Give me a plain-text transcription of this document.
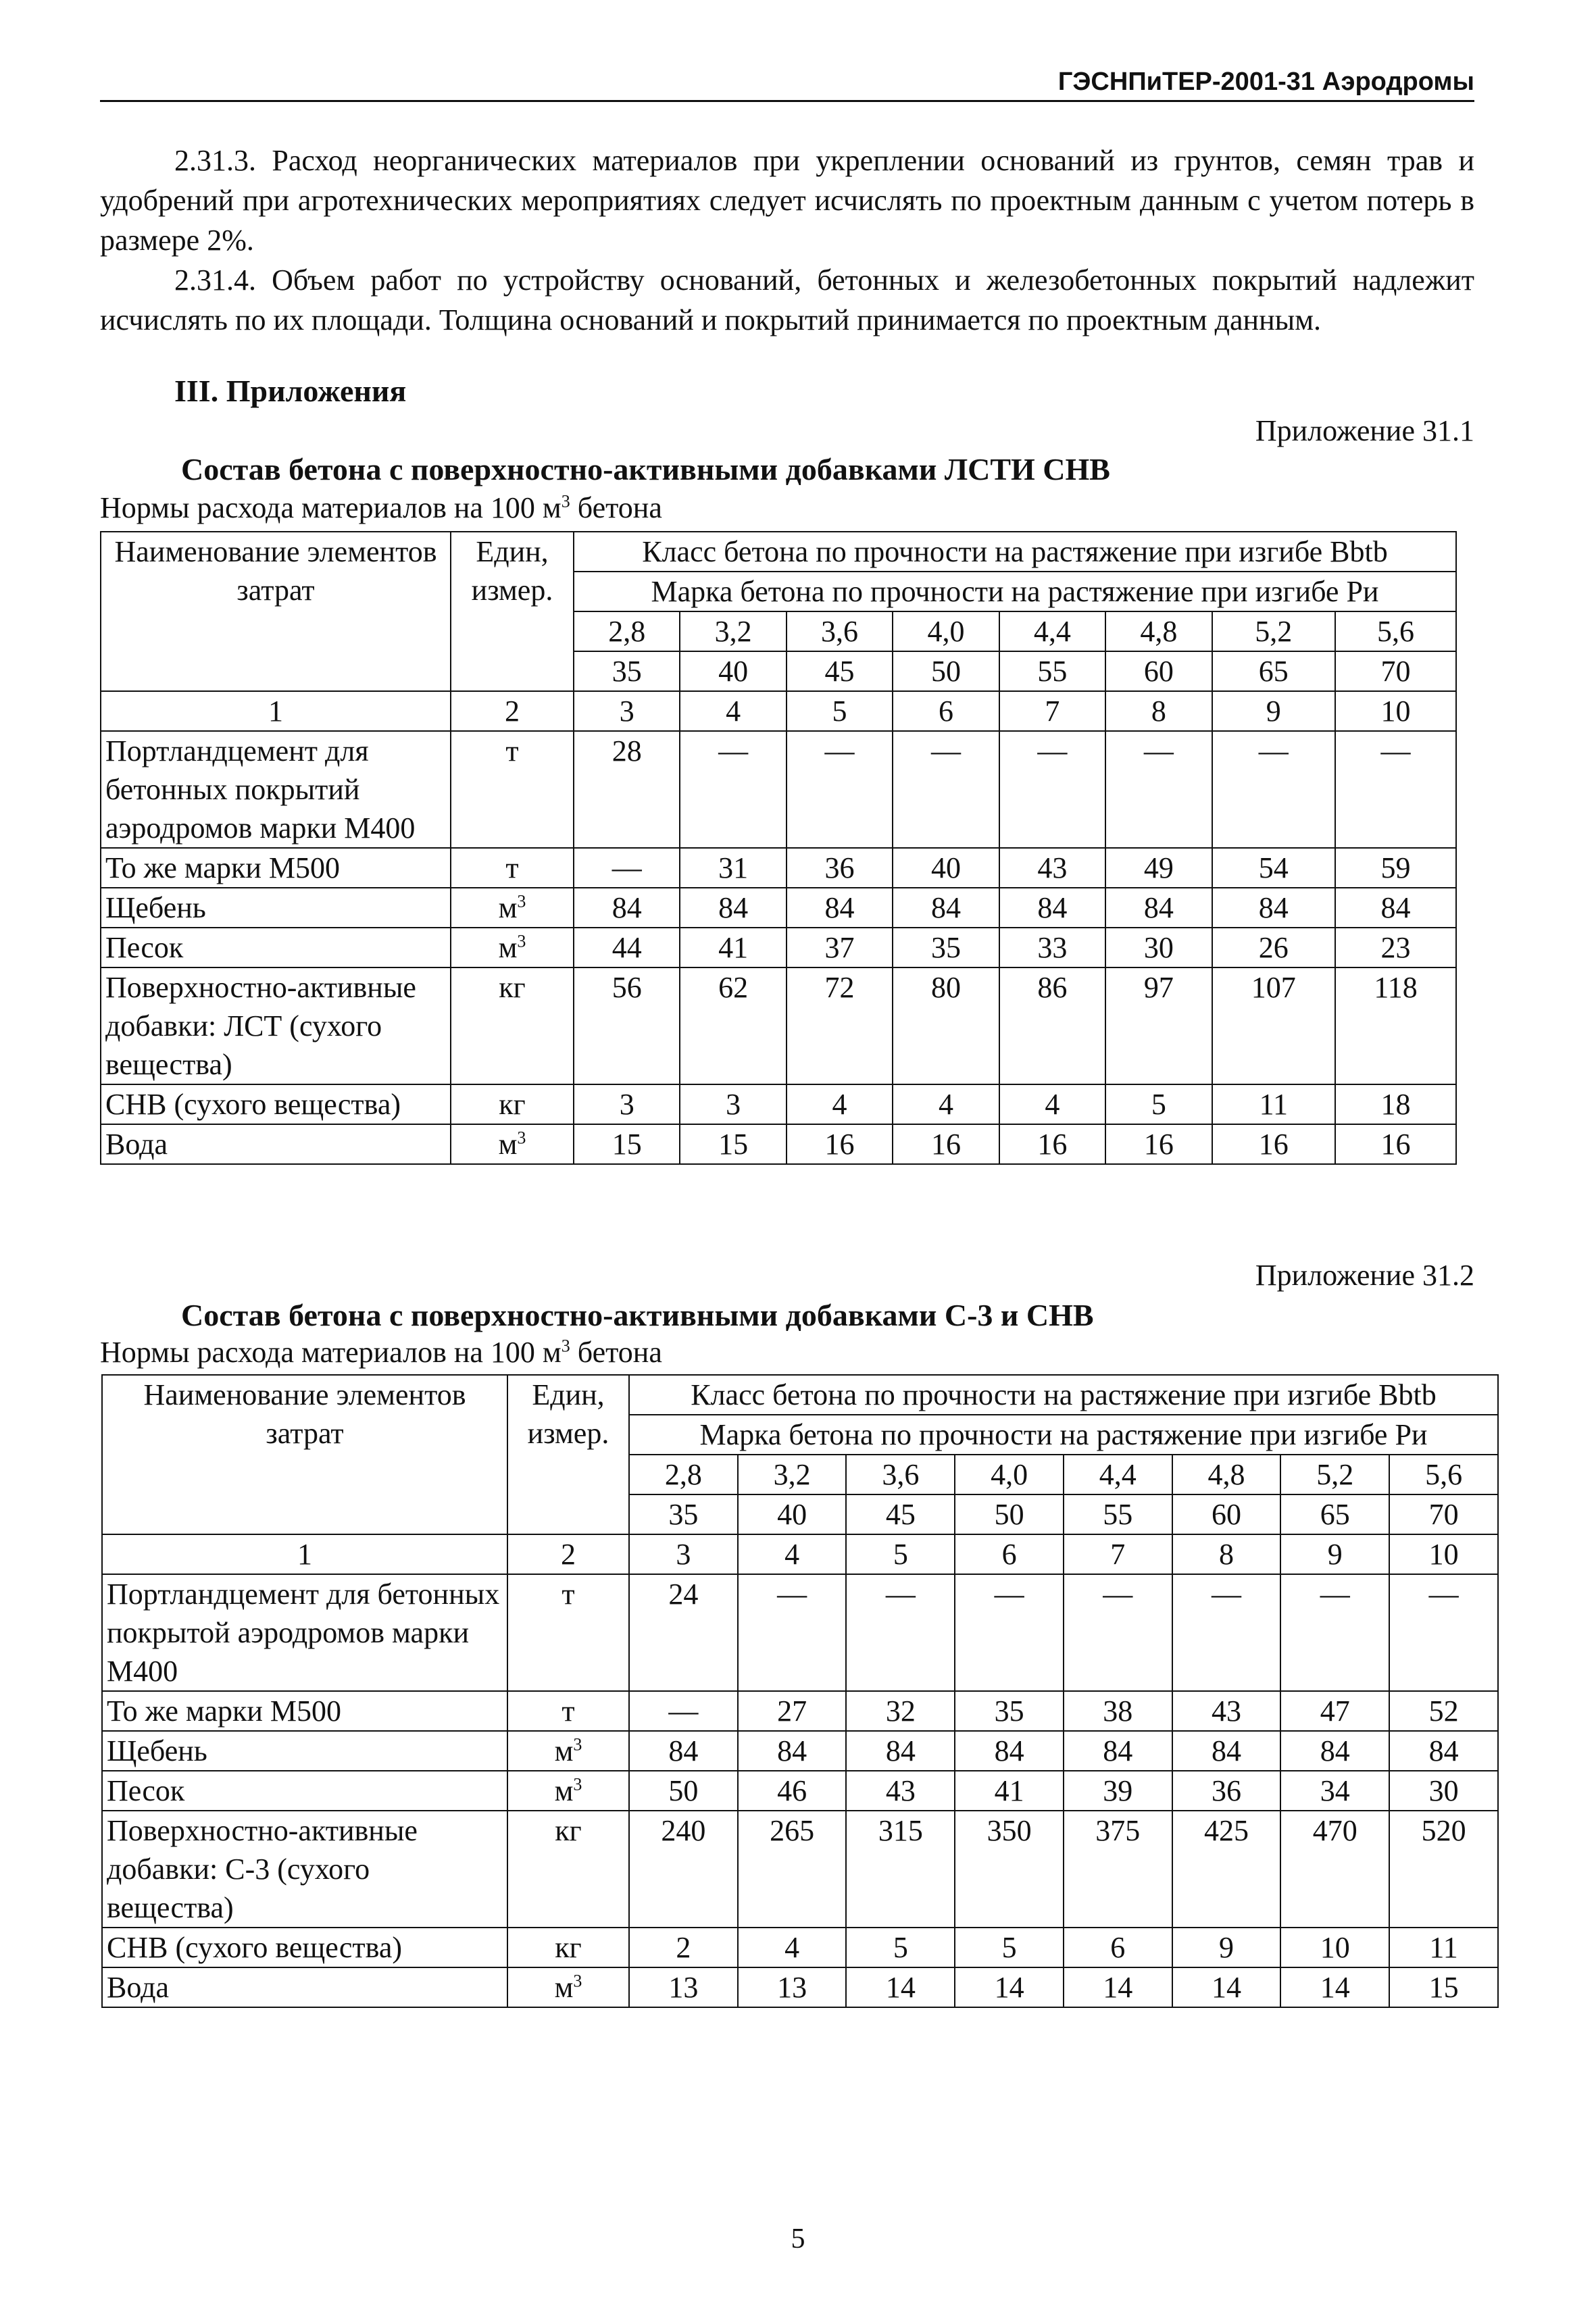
ГЭСНПиТЕР-2001-31 Аэродромы

2.31.3. Расход неорганических материалов при укреплении оснований из грунтов, семян трав и удобрений при агротехнических мероприятиях следует исчислять по проектным данным с учетом потерь в размере 2%.

2.31.4. Объем работ по устройству оснований, бетонных и железобетонных покрытий надлежит исчислять по их площади. Толщина оснований и покрытий принимается по проектным данным.

III. Приложения
Приложение 31.1
Состав бетона с поверхностно-активными добавками ЛСТИ СНВ
Нормы расхода материалов на 100 $м^3$ бетона
Наименование элементов затрат	Един, измер.	Класс бетона по прочности на растяжение при изгибе Bbtb							
		Марка бетона по прочности на растяжение при изгибе Ри							
		2,8	3,2	3,6	4,0	4,4	4,8	5,2	5,6
		35	40	45	50	55	60	65	70
1	2	3	4	5	6	7	8	9	10
Портландцемент для бетонных покрытий аэродромов марки М400	т	28	—	—	—	—	—	—	—
То же марки М500	т	—	31	36	40	43	49	54	59
Щебень	$м^3$	84	84	84	84	84	84	84	84
Песок	$м^3$	44	41	37	35	33	30	26	23
Поверхностно-активные добавки: ЛСТ (сухого вещества)	кг	56	62	72	80	86	97	107	118
СНВ (сухого вещества)	кг	3	3	4	4	4	5	11	18
Вода	$м^3$	15	15	16	16	16	16	16	16
Приложение 31.2
Состав бетона с поверхностно-активными добавками С-3 и СНВ
Нормы расхода материалов на 100 $м^3$ бетона
Наименование элементов затрат	Един, измер.	Класс бетона по прочности на растяжение при изгибе Bbtb							
		Марка бетона по прочности на растяжение при изгибе Ри							
		2,8	3,2	3,6	4,0	4,4	4,8	5,2	5,6
		35	40	45	50	55	60	65	70
1	2	3	4	5	6	7	8	9	10
Портландцемент для бетонных покрытой аэродромов марки М400	т	24	—	—	—	—	—	—	—
То же марки М500	т	—	27	32	35	38	43	47	52
Щебень	$м^3$	84	84	84	84	84	84	84	84
Песок	$м^3$	50	46	43	41	39	36	34	30
Поверхностно-активные добавки: С-3 (сухого вещества)	кг	240	265	315	350	375	425	470	520
СНВ (сухого вещества)	кг	2	4	5	5	6	9	10	11
Вода	$м^3$	13	13	14	14	14	14	14	15
5
